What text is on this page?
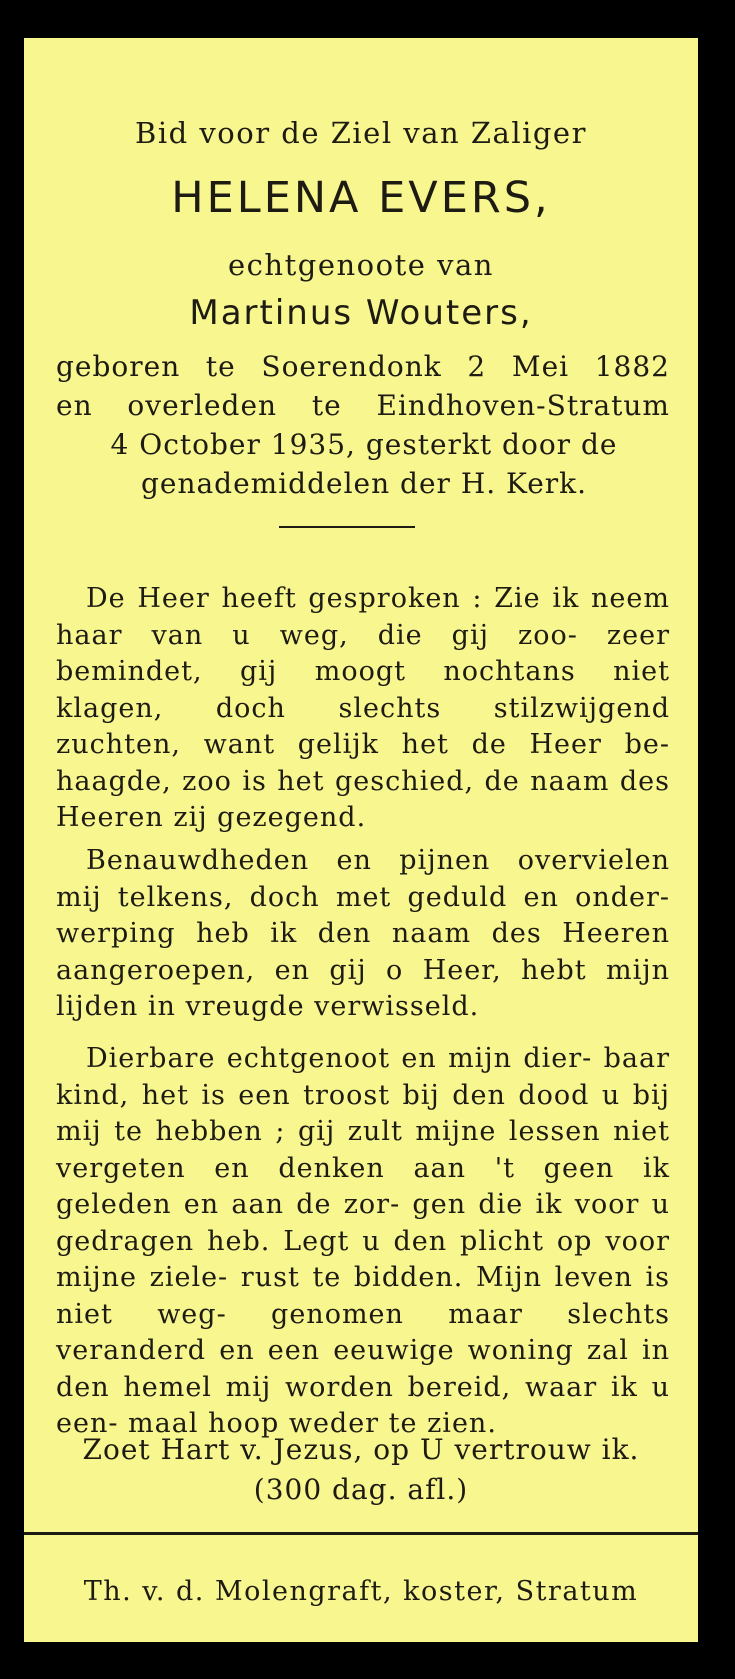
Bid voor de Ziel van Zaliger
HELENA EVERS,
echtgenoote van
Martinus Wouters,
geboren te Soerendonk 2 Mei 1882
en overleden te Eindhoven-Stratum
4 October 1935, gesterkt door de
genademiddelen der H. Kerk.
De Heer heeft gesproken : Zie ik neem haar van u weg, die gij zoo- zeer bemindet, gij moogt nochtans niet klagen, doch slechts stilzwijgend zuchten, want gelijk het de Heer be- haagde, zoo is het geschied, de naam des Heeren zij gezegend.
Benauwdheden en pijnen overvielen mij telkens, doch met geduld en onder- werping heb ik den naam des Heeren aangeroepen, en gij o Heer, hebt mijn lijden in vreugde verwisseld.
Dierbare echtgenoot en mijn dier- baar kind, het is een troost bij den dood u bij mij te hebben ; gij zult mijne lessen niet vergeten en denken aan 't geen ik geleden en aan de zor- gen die ik voor u gedragen heb. Legt u den plicht op voor mijne ziele- rust te bidden. Mijn leven is niet weg- genomen maar slechts veranderd en een eeuwige woning zal in den hemel mij worden bereid, waar ik u een- maal hoop weder te zien.
Zoet Hart v. Jezus, op U vertrouw ik.
(300 dag. afl.)
Th. v. d. Molengraft, koster, Stratum
